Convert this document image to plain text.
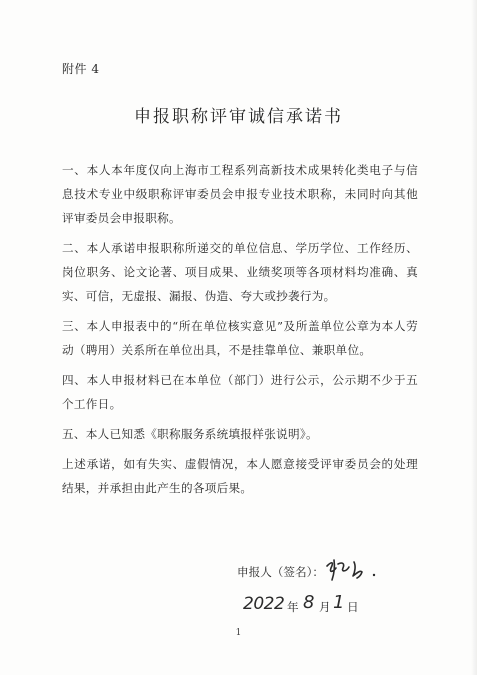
附件 4
申报职称评审诚信承诺书

一、本人本年度仅向上海市工程系列高新技术成果转化类电子与信息技术专业中级职称评审委员会申报专业技术职称，未同时向其他评审委员会申报职称。

二、本人承诺申报职称所递交的单位信息、学历学位、工作经历、岗位职务、论文论著、项目成果、业绩奖项等各项材料均准确、真实、可信，无虚报、漏报、伪造、夸大或抄袭行为。

三、本人申报表中的“所在单位核实意见”及所盖单位公章为本人劳动（聘用）关系所在单位出具，不是挂靠单位、兼职单位。

四、本人申报材料已在本单位（部门）进行公示，公示期不少于五个工作日。

五、本人已知悉《职称服务系统填报样张说明》。

上述承诺，如有失实、虚假情况，本人愿意接受评审委员会的处理结果，并承担由此产生的各项后果。

申报人（签名）：
2022 年 8 月 1 日
1
